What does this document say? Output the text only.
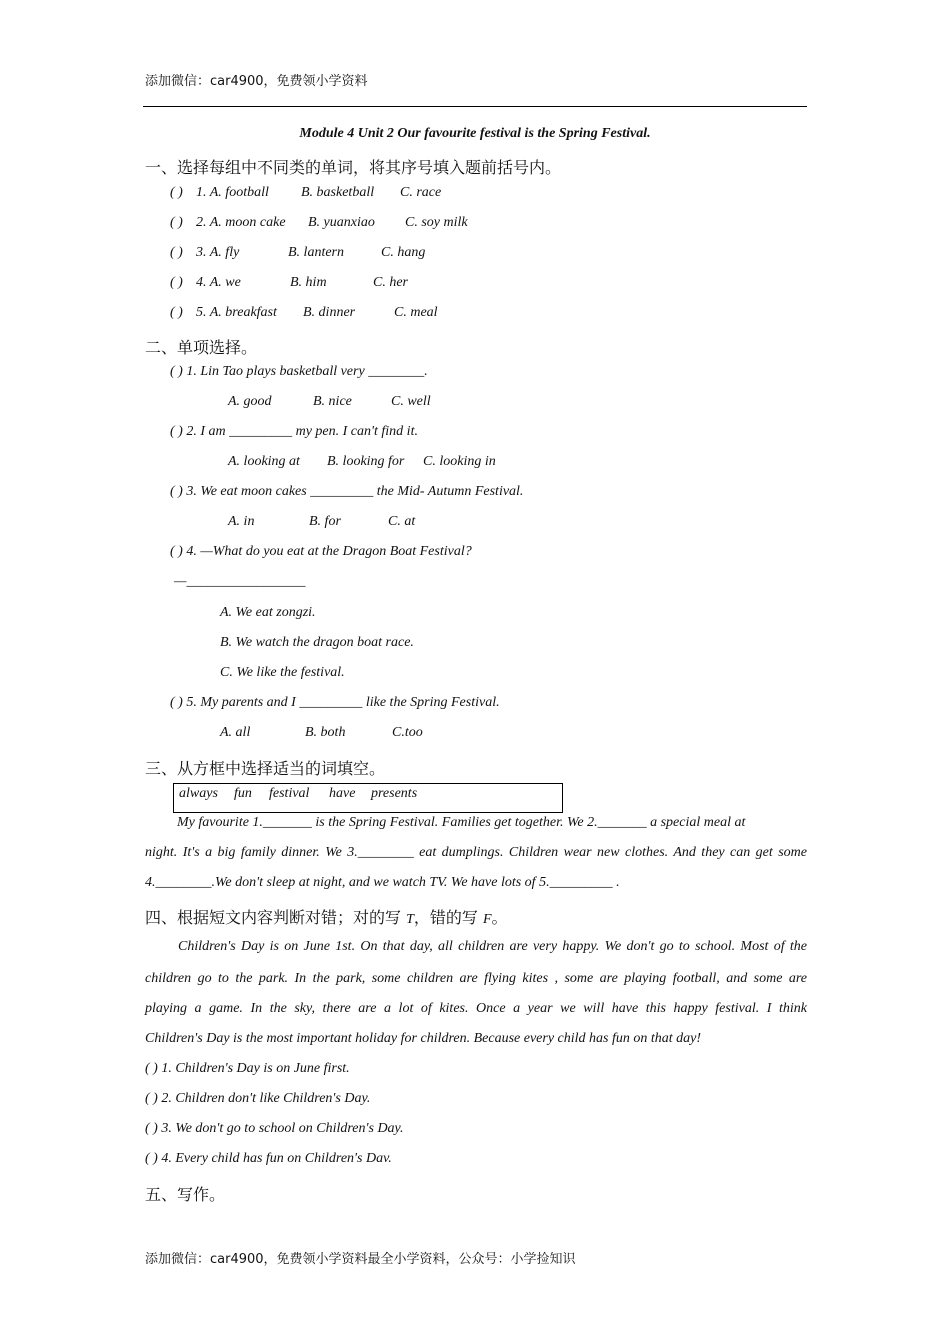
添加微信：car4900，免费领小学资料
Module 4 Unit 2 Our favourite festival is the Spring Festival.
一、选择每组中不同类的单词，将其序号填入题前括号内。
( ) 1. A. football B. basketball C. race
( ) 2. A. moon cake B. yuanxiao C. soy milk
( ) 3. A. fly	B. lantern	C. hang
( ) 4. A. we	B. him	C. her
( ) 5. A. breakfast B. dinner	C. meal
二、单项选择。
( ) 1. Lin Tao plays basketball very ________.
A. good	B. nice	C. well
( ) 2. I am _________ my pen. I can't find it.
A. looking at B. looking for C. looking in
( ) 3. We eat moon cakes _________ the Mid- Autumn Festival.
A. in	B. for	C. at
( ) 4. —What do you eat at the Dragon Boat Festival?
—_________________
A. We eat zongzi.
B. We watch the dragon boat race.
C. We like the festival.
( ) 5. My parents and I _________ like the Spring Festival.
A. all	B. both	C.too
三、从方框中选择适当的词填空。
always fun festival have presents
My favourite 1._______ is the Spring Festival. Families get together. We 2._______ a special meal at
night. It's a big family dinner. We 3.________ eat dumplings. Children wear new clothes. And they can get some
4.________.We don't sleep at night, and we watch TV. We have lots of 5._________ .
四、根据短文内容判断对错；对的写 T，错的写 F。
Children's Day is on June 1st. On that day, all children are very happy. We don't go to school. Most of the
children go to the park. In the park, some children are flying kites , some are playing football, and some are
playing a game. In the sky, there are a lot of kites. Once a year we will have this happy festival. I think
Children's Day is the most important holiday for children. Because every child has fun on that day!
( ) 1. Children's Day is on June first.
( ) 2. Children don't like Children's Day.
( ) 3. We don't go to school on Children's Day.
( ) 4. Every child has fun on Children's Dav.
五、写作。
添加微信：car4900，免费领小学资料最全小学资料，公众号：小学捡知识
